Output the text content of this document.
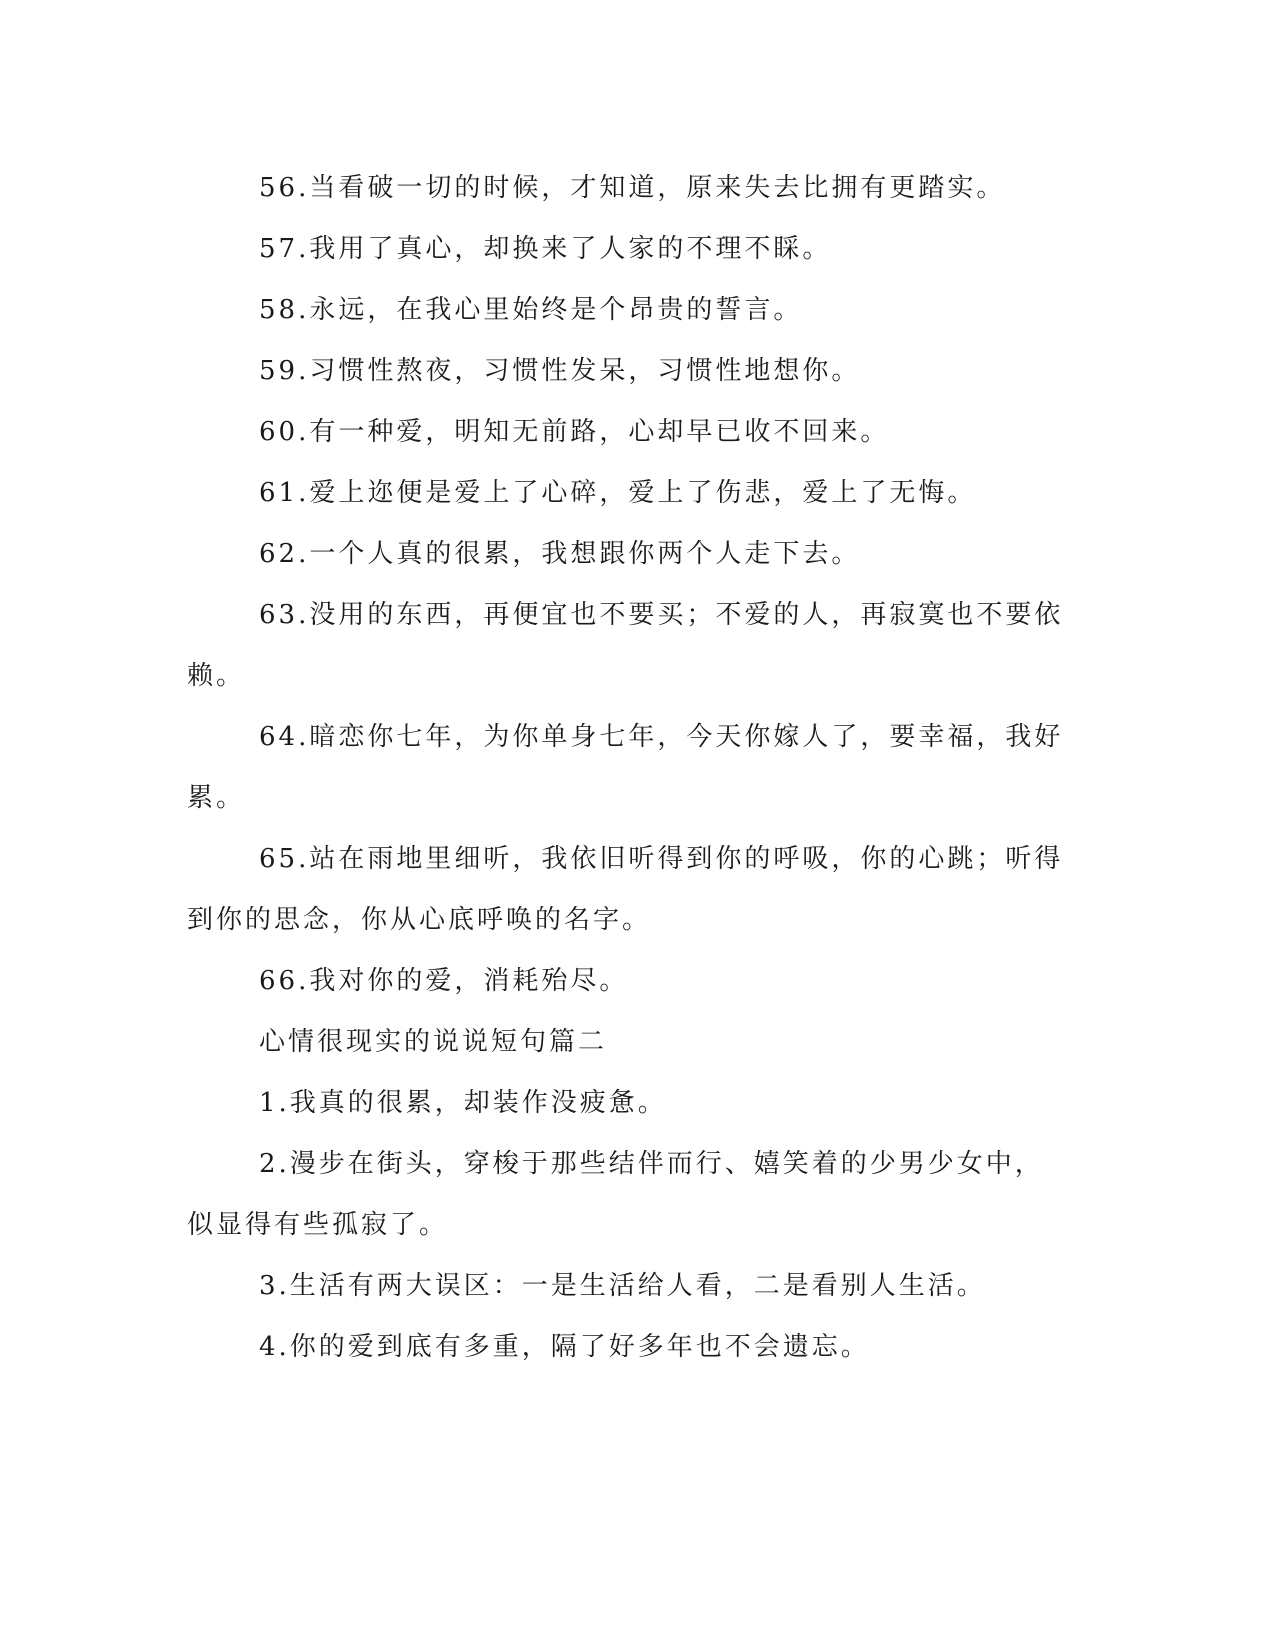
56.当看破一切的时候，才知道，原来失去比拥有更踏实。

57.我用了真心，却换来了人家的不理不睬。

58.永远，在我心里始终是个昂贵的誓言。

59.习惯性熬夜，习惯性发呆，习惯性地想你。

60.有一种爱，明知无前路，心却早已收不回来。

61.爱上迩便是爱上了心碎，爱上了伤悲，爱上了无悔。

62.一个人真的很累，我想跟你两个人走下去。

63.没用的东西，再便宜也不要买；不爱的人，再寂寞也不要依赖。

64.暗恋你七年，为你单身七年，今天你嫁人了，要幸福，我好累。

65.站在雨地里细听，我依旧听得到你的呼吸，你的心跳；听得到你的思念，你从心底呼唤的名字。

66.我对你的爱，消耗殆尽。

心情很现实的说说短句篇二

1.我真的很累，却装作没疲惫。

2.漫步在街头，穿梭于那些结伴而行、嬉笑着的少男少女中，似显得有些孤寂了。

3.生活有两大误区：一是生活给人看，二是看别人生活。

4.你的爱到底有多重，隔了好多年也不会遗忘。
